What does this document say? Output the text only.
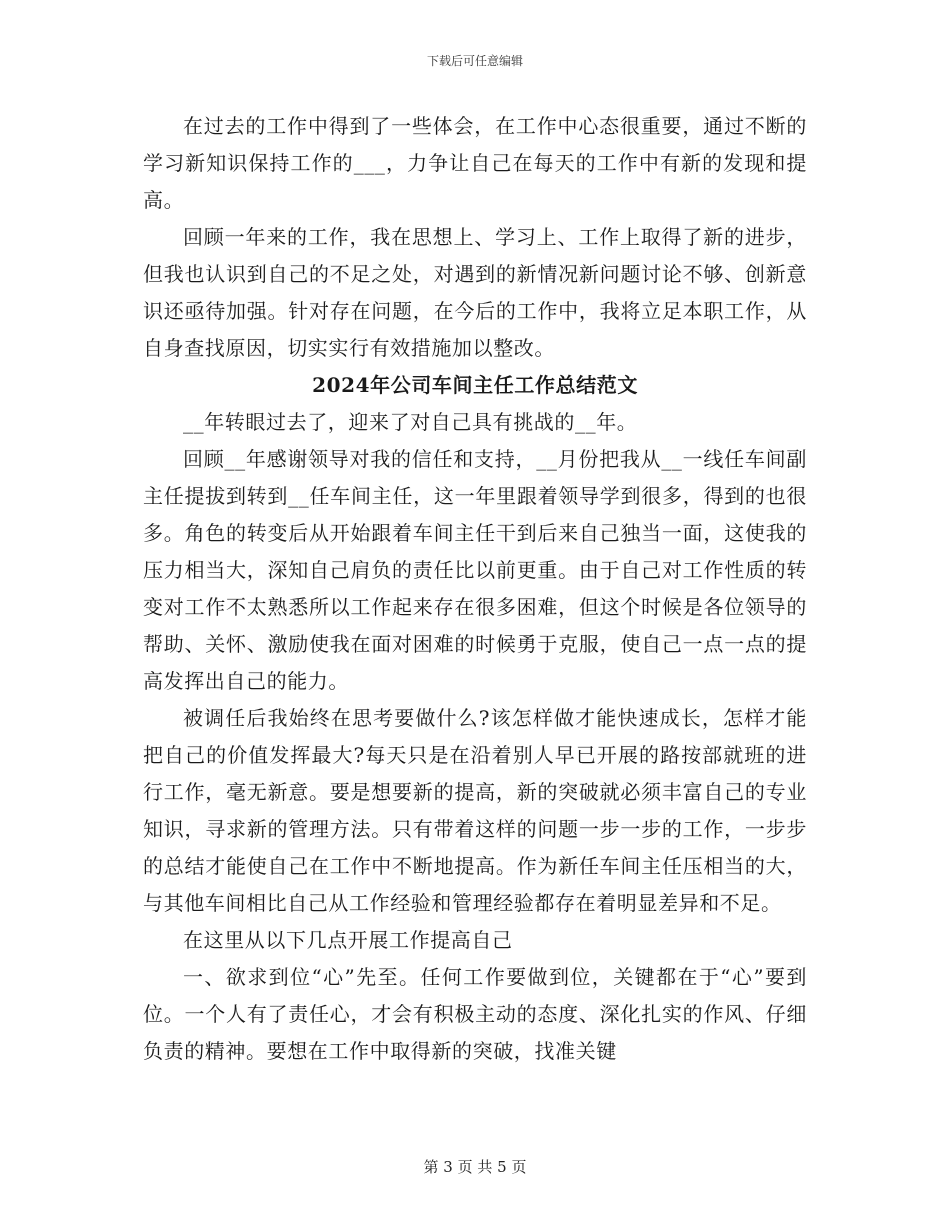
下载后可任意编辑

在过去的工作中得到了一些体会，在工作中心态很重要，通过不断的学习新知识保持工作的___，力争让自己在每天的工作中有新的发现和提高。

回顾一年来的工作，我在思想上、学习上、工作上取得了新的进步，但我也认识到自己的不足之处，对遇到的新情况新问题讨论不够、创新意识还亟待加强。针对存在问题，在今后的工作中，我将立足本职工作，从自身查找原因，切实实行有效措施加以整改。

2024年公司车间主任工作总结范文

__年转眼过去了，迎来了对自己具有挑战的__年。

回顾__年感谢领导对我的信任和支持，__月份把我从__一线任车间副主任提拔到转到__任车间主任，这一年里跟着领导学到很多，得到的也很多。角色的转变后从开始跟着车间主任干到后来自己独当一面，这使我的压力相当大，深知自己肩负的责任比以前更重。由于自己对工作性质的转变对工作不太熟悉所以工作起来存在很多困难，但这个时候是各位领导的帮助、关怀、激励使我在面对困难的时候勇于克服，使自己一点一点的提高发挥出自己的能力。

被调任后我始终在思考要做什么?该怎样做才能快速成长，怎样才能把自己的价值发挥最大?每天只是在沿着别人早已开展的路按部就班的进行工作，毫无新意。要是想要新的提高，新的突破就必须丰富自己的专业知识，寻求新的管理方法。只有带着这样的问题一步一步的工作，一步步的总结才能使自己在工作中不断地提高。作为新任车间主任压相当的大，与其他车间相比自己从工作经验和管理经验都存在着明显差异和不足。

在这里从以下几点开展工作提高自己

一、欲求到位“心”先至。任何工作要做到位，关键都在于“心”要到位。一个人有了责任心，才会有积极主动的态度、深化扎实的作风、仔细负责的精神。要想在工作中取得新的突破，找准关键

第 3 页 共 5 页
